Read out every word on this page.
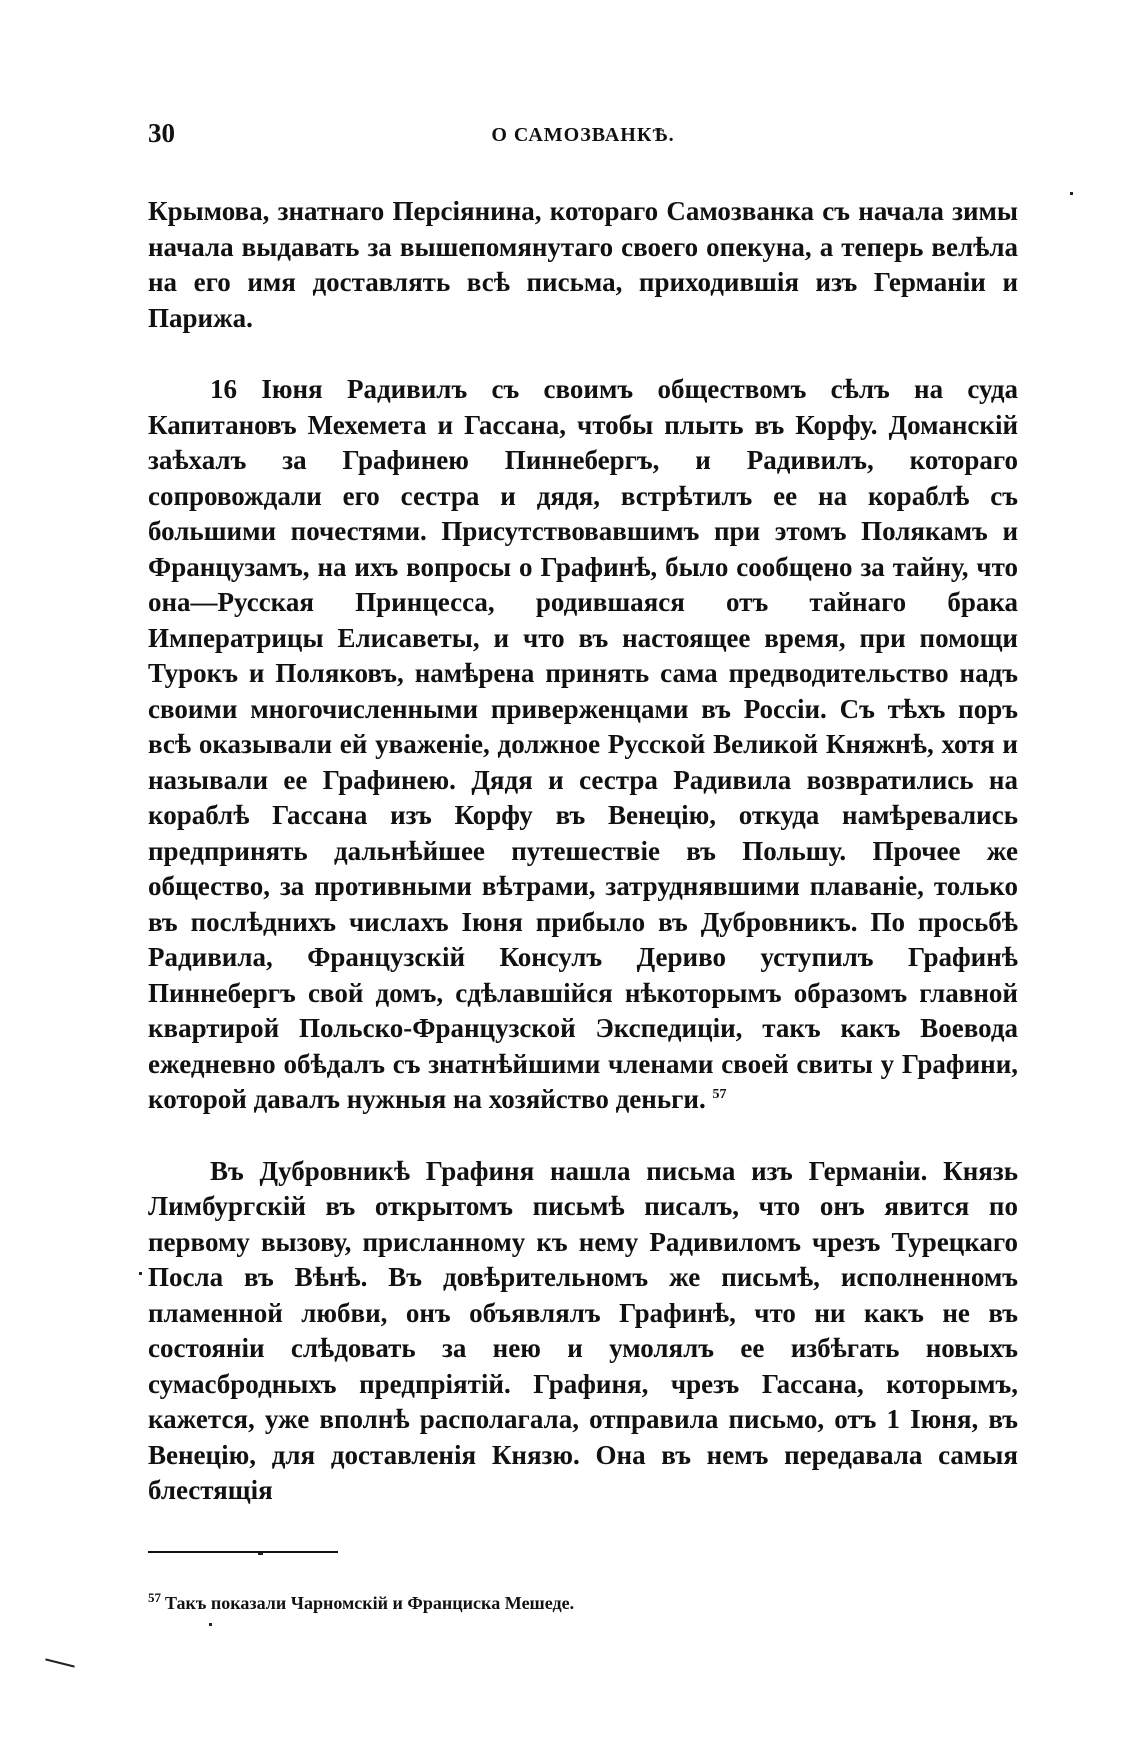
30	О САМОЗВАНКѢ.

Крымова, знатнаго Персіянина, котораго Самозванка съ начала зимы начала выдавать за вышепомянутаго своего опекуна, а теперь велѣла на его имя доставлять всѣ письма, приходившія изъ Германіи и Парижа.

16 Іюня Радивилъ съ своимъ обществомъ сѣлъ на суда Капитановъ Мехемета и Гассана, чтобы плыть въ Корфу. Доманскій заѣхалъ за Графинею Пиннебергъ, и Радивилъ, котораго сопровождали его сестра и дядя, встрѣтилъ ее на кораблѣ съ большими почестями. Присутствовавшимъ при этомъ Полякамъ и Французамъ, на ихъ вопросы о Графинѣ, было сообщено за тайну, что она—Русская Принцесса, родившаяся отъ тайнаго брака Императрицы Елисаветы, и что въ настоящее время, при помощи Турокъ и Поляковъ, намѣрена принять сама предводительство надъ своими многочисленными приверженцами въ Россіи. Съ тѣхъ поръ всѣ оказывали ей уваженіе, должное Русской Великой Княжнѣ, хотя и называли ее Графинею. Дядя и сестра Радивила возвратились на кораблѣ Гассана изъ Корфу въ Венецію, откуда намѣревались предпринять дальнѣйшее путешествіе въ Польшу. Прочее же общество, за противными вѣтрами, затруднявшими плаваніе, только въ послѣднихъ числахъ Іюня прибыло въ Дубровникъ. По просьбѣ Радивила, Французскій Консулъ Дериво уступилъ Графинѣ Пиннебергъ свой домъ, сдѣлавшійся нѣкоторымъ образомъ главной квартирой Польско-Французской Экспедиціи, такъ какъ Воевода ежедневно обѣдалъ съ знатнѣйшими членами своей свиты у Графини, которой давалъ нужныя на хозяйство деньги. $^{57}$

Въ Дубровникѣ Графиня нашла письма изъ Германіи. Князь Лимбургскій въ открытомъ письмѣ писалъ, что онъ явится по первому вызову, присланному къ нему Радивиломъ чрезъ Турецкаго Посла въ Вѣнѣ. Въ довѣрительномъ же письмѣ, исполненномъ пламенной любви, онъ объявлялъ Графинѣ, что ни какъ не въ состояніи слѣдовать за нею и умолялъ ее избѣгать новыхъ сумасбродныхъ предпріятій. Графиня, чрезъ Гассана, которымъ, кажется, уже вполнѣ располагала, отправила письмо, отъ 1 Іюня, въ Венецію, для доставленія Князю. Она въ немъ передавала самыя блестящія

$^{57}$ Такъ показали Чарномскій и Францискa Мешеде.
